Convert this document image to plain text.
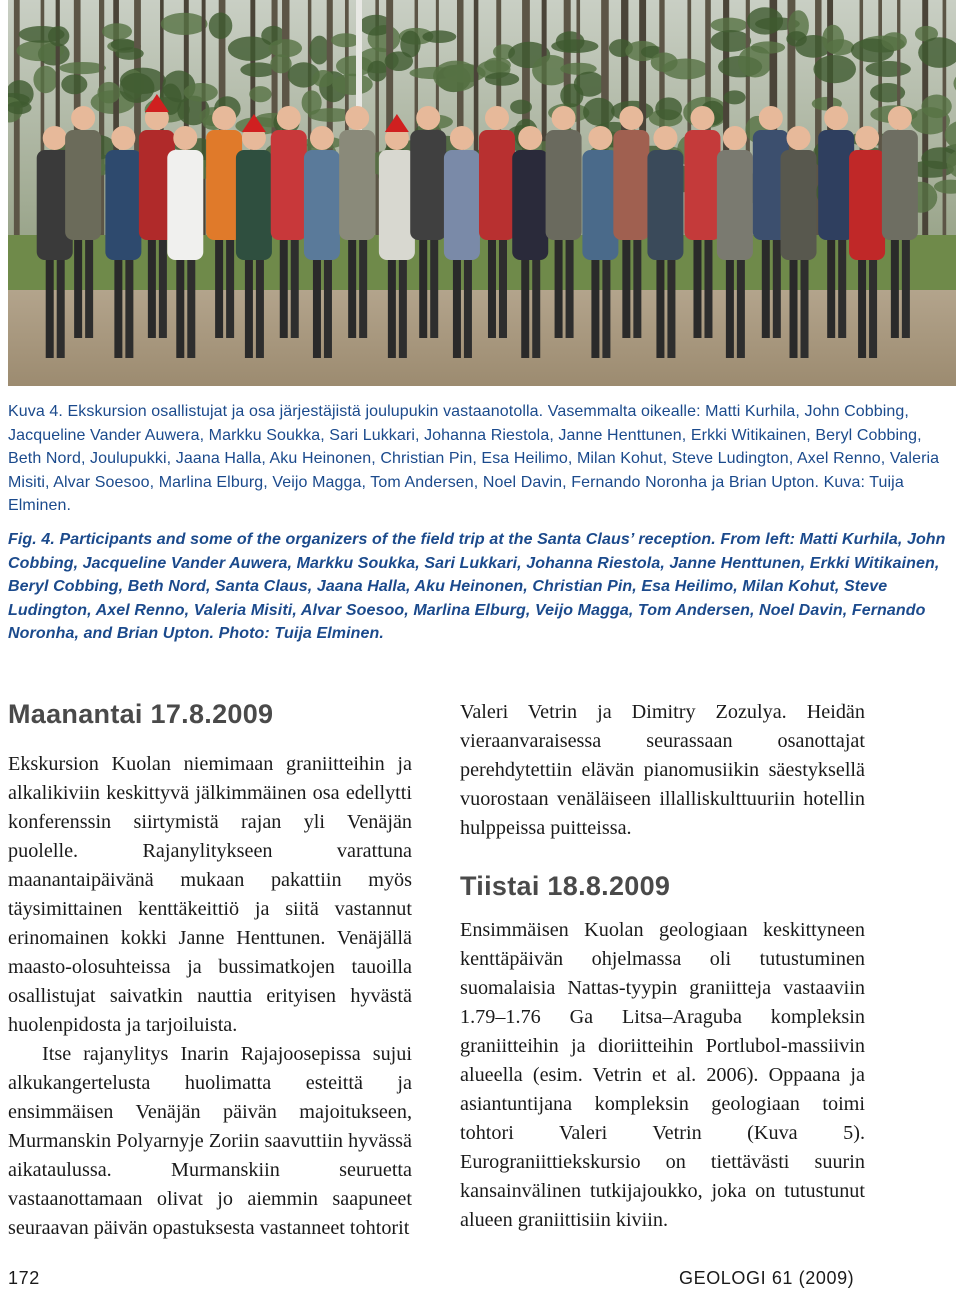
Kuva 4. Ekskursion osallistujat ja osa järjestäjistä joulupukin vastaanotolla. Vasemmalta oikealle: Matti Kurhila, John Cobbing, Jacqueline Vander Auwera, Markku Soukka, Sari Lukkari, Johanna Riestola, Janne Henttunen, Erkki Witikainen, Beryl Cobbing, Beth Nord, Joulupukki, Jaana Halla, Aku Heinonen, Christian Pin, Esa Heilimo, Milan Kohut, Steve Ludington, Axel Renno, Valeria Misiti, Alvar Soesoo, Marlina Elburg, Veijo Magga, Tom Andersen, Noel Davin, Fernando Noronha ja Brian Upton. Kuva: Tuija Elminen.

Fig. 4. Participants and some of the organizers of the field trip at the Santa Claus’ reception. From left: Matti Kurhila, John Cobbing, Jacqueline Vander Auwera, Markku Soukka, Sari Lukkari, Johanna Riestola, Janne Henttunen, Erkki Witikainen, Beryl Cobbing, Beth Nord, Santa Claus, Jaana Halla, Aku Heinonen, Christian Pin, Esa Heilimo, Milan Kohut, Steve Ludington, Axel Renno, Valeria Misiti, Alvar Soesoo, Marlina Elburg, Veijo Magga, Tom Andersen, Noel Davin, Fernando Noronha, and Brian Upton. Photo: Tuija Elminen.

Maanantai 17.8.2009

Ekskursion Kuolan niemimaan graniitteihin ja alkalikiviin keskittyvä jälkimmäinen osa edellytti konferenssin siirtymistä rajan yli Venäjän puolelle. Rajanylitykseen varattuna maanantaipäivänä mukaan pakattiin myös täysimittainen kenttäkeittiö ja siitä vastannut erinomainen kokki Janne Henttunen. Venäjällä maasto-olosuhteissa ja bussimatkojen tauoilla osallistujat saivatkin nauttia erityisen hyvästä huolenpidosta ja tarjoiluista.

Itse rajanylitys Inarin Rajajoosepissa sujui alkukangertelusta huolimatta esteittä ja ensimmäisen Venäjän päivän majoitukseen, Murmanskin Polyarnyje Zoriin saavuttiin hyvässä aikataulussa. Murmanskiin seuruetta vastaanottamaan olivat jo aiemmin saapuneet seuraavan päivän opastuksesta vastanneet tohtorit

Valeri Vetrin ja Dimitry Zozulya. Heidän vieraanvaraisessa seurassaan osanottajat perehdytettiin elävän pianomusiikin säestyksellä vuorostaan venäläiseen illalliskulttuuriin hotellin hulppeissa puitteissa.

Tiistai 18.8.2009

Ensimmäisen Kuolan geologiaan keskittyneen kenttäpäivän ohjelmassa oli tutustuminen suomalaisia Nattas-tyypin graniitteja vastaaviin 1.79–1.76 Ga Litsa–Araguba kompleksin graniitteihin ja dioriitteihin Portlubol-massiivin alueella (esim. Vetrin et al. 2006). Oppaana ja asiantuntijana kompleksin geologiaan toimi tohtori Valeri Vetrin (Kuva 5). Eurograniittiekskursio on tiettävästi suurin kansainvälinen tutkijajoukko, joka on tutustunut alueen graniittisiin kiviin.

172	GEOLOGI 61 (2009)
